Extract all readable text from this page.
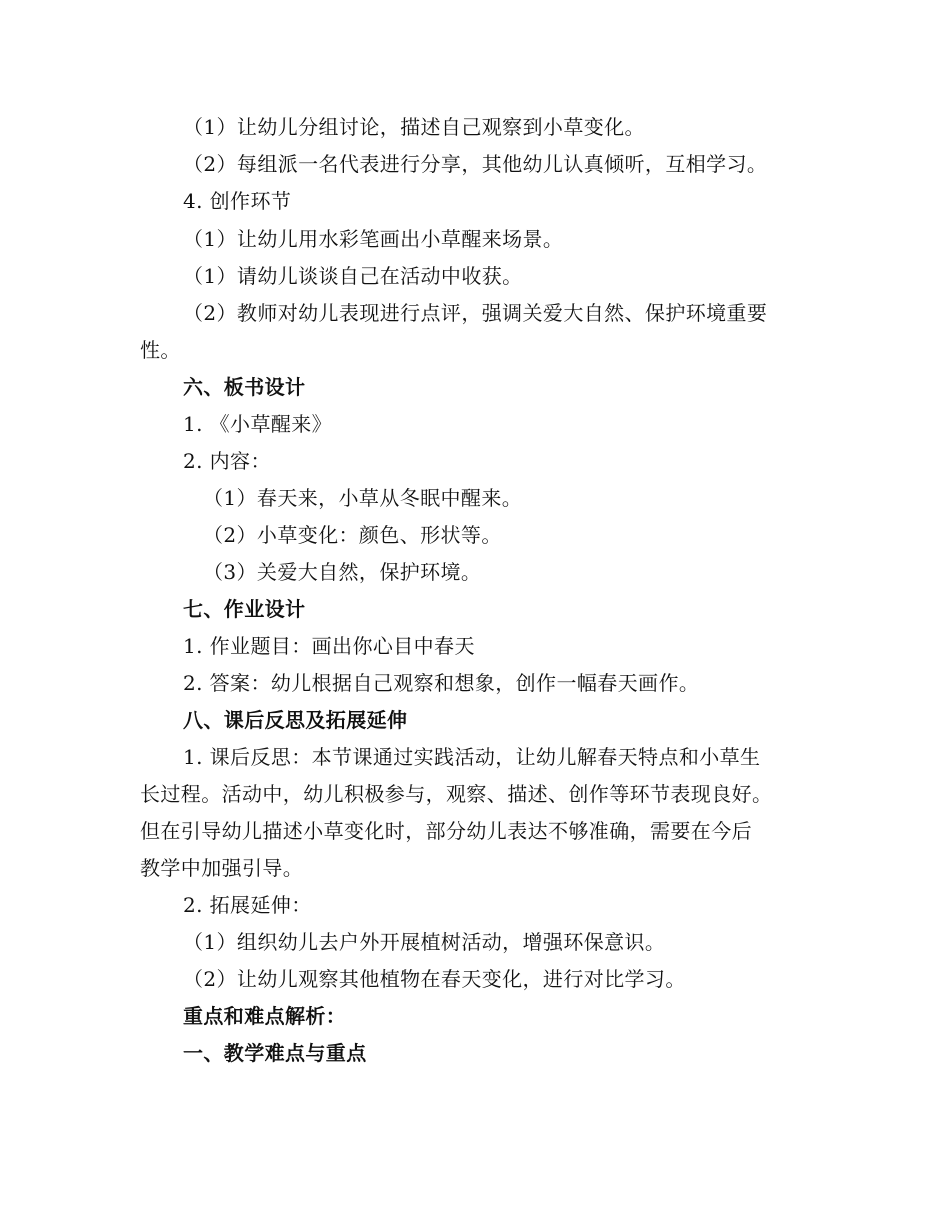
（1）让幼儿分组讨论，描述自己观察到小草变化。
（2）每组派一名代表进行分享，其他幼儿认真倾听，互相学习。
4. 创作环节
（1）让幼儿用水彩笔画出小草醒来场景。
（1）请幼儿谈谈自己在活动中收获。
（2）教师对幼儿表现进行点评，强调关爱大自然、保护环境重要
性。
六、板书设计
1. 《小草醒来》
2. 内容：
（1）春天来，小草从冬眠中醒来。
（2）小草变化：颜色、形状等。
（3）关爱大自然，保护环境。
七、作业设计
1. 作业题目：画出你心目中春天
2. 答案：幼儿根据自己观察和想象，创作一幅春天画作。
八、课后反思及拓展延伸
1. 课后反思：本节课通过实践活动，让幼儿解春天特点和小草生
长过程。活动中，幼儿积极参与，观察、描述、创作等环节表现良好。
但在引导幼儿描述小草变化时，部分幼儿表达不够准确，需要在今后
教学中加强引导。
2. 拓展延伸：
（1）组织幼儿去户外开展植树活动，增强环保意识。
（2）让幼儿观察其他植物在春天变化，进行对比学习。
重点和难点解析：
一、教学难点与重点
